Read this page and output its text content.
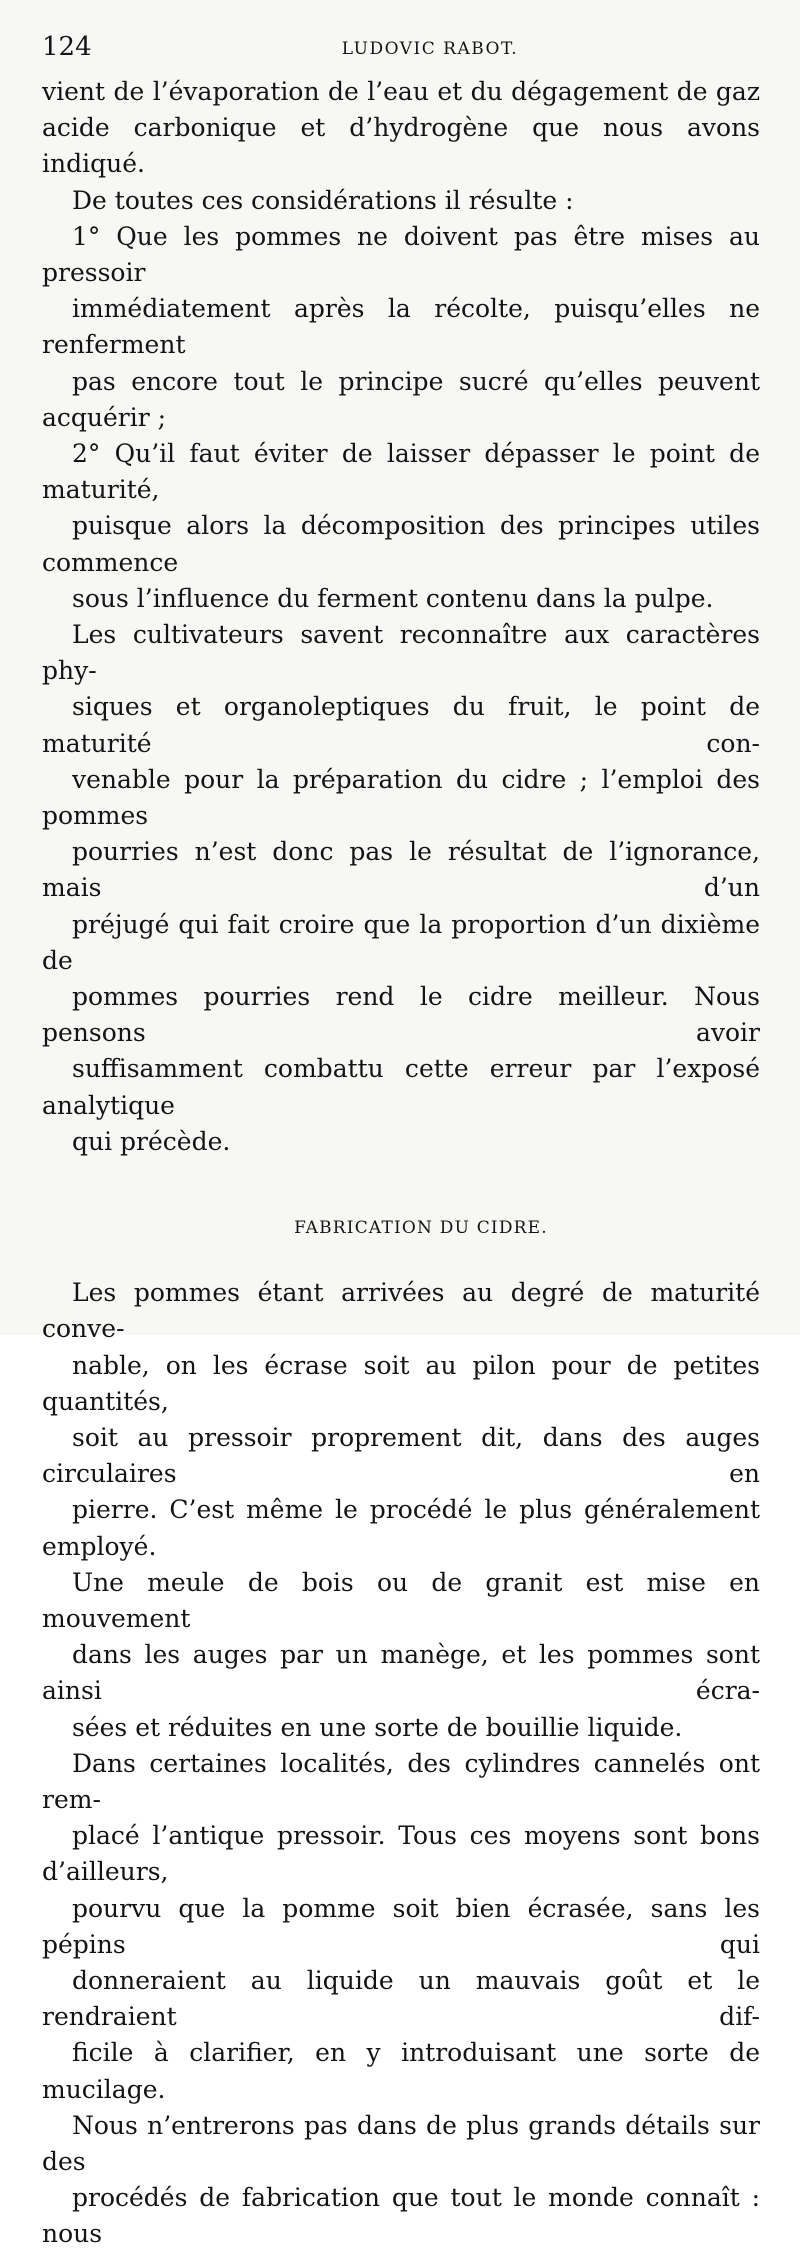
124	LUDOVIC RABOT.

vient de l’évaporation de l’eau et du dégagement de gaz
acide carbonique et d’hydrogène que nous avons indiqué.

De toutes ces considérations il résulte :

1° Que les pommes ne doivent pas être mises au pressoir
immédiatement après la récolte, puisqu’elles ne renferment
pas encore tout le principe sucré qu’elles peuvent acquérir ;

2° Qu’il faut éviter de laisser dépasser le point de maturité,
puisque alors la décomposition des principes utiles commence
sous l’influence du ferment contenu dans la pulpe.

Les cultivateurs savent reconnaître aux caractères phy-
siques et organoleptiques du fruit, le point de maturité con-
venable pour la préparation du cidre ; l’emploi des pommes
pourries n’est donc pas le résultat de l’ignorance, mais d’un
préjugé qui fait croire que la proportion d’un dixième de
pommes pourries rend le cidre meilleur. Nous pensons avoir
suffisamment combattu cette erreur par l’exposé analytique
qui précède.

FABRICATION DU CIDRE.

Les pommes étant arrivées au degré de maturité conve-
nable, on les écrase soit au pilon pour de petites quantités,
soit au pressoir proprement dit, dans des auges circulaires en
pierre. C’est même le procédé le plus généralement employé.
Une meule de bois ou de granit est mise en mouvement
dans les auges par un manège, et les pommes sont ainsi écra-
sées et réduites en une sorte de bouillie liquide.

Dans certaines localités, des cylindres cannelés ont rem-
placé l’antique pressoir. Tous ces moyens sont bons d’ailleurs,
pourvu que la pomme soit bien écrasée, sans les pépins qui
donneraient au liquide un mauvais goût et le rendraient dif-
ficile à clarifier, en y introduisant une sorte de mucilage.

Nous n’entrerons pas dans de plus grands détails sur des
procédés de fabrication que tout le monde connaît : nous
